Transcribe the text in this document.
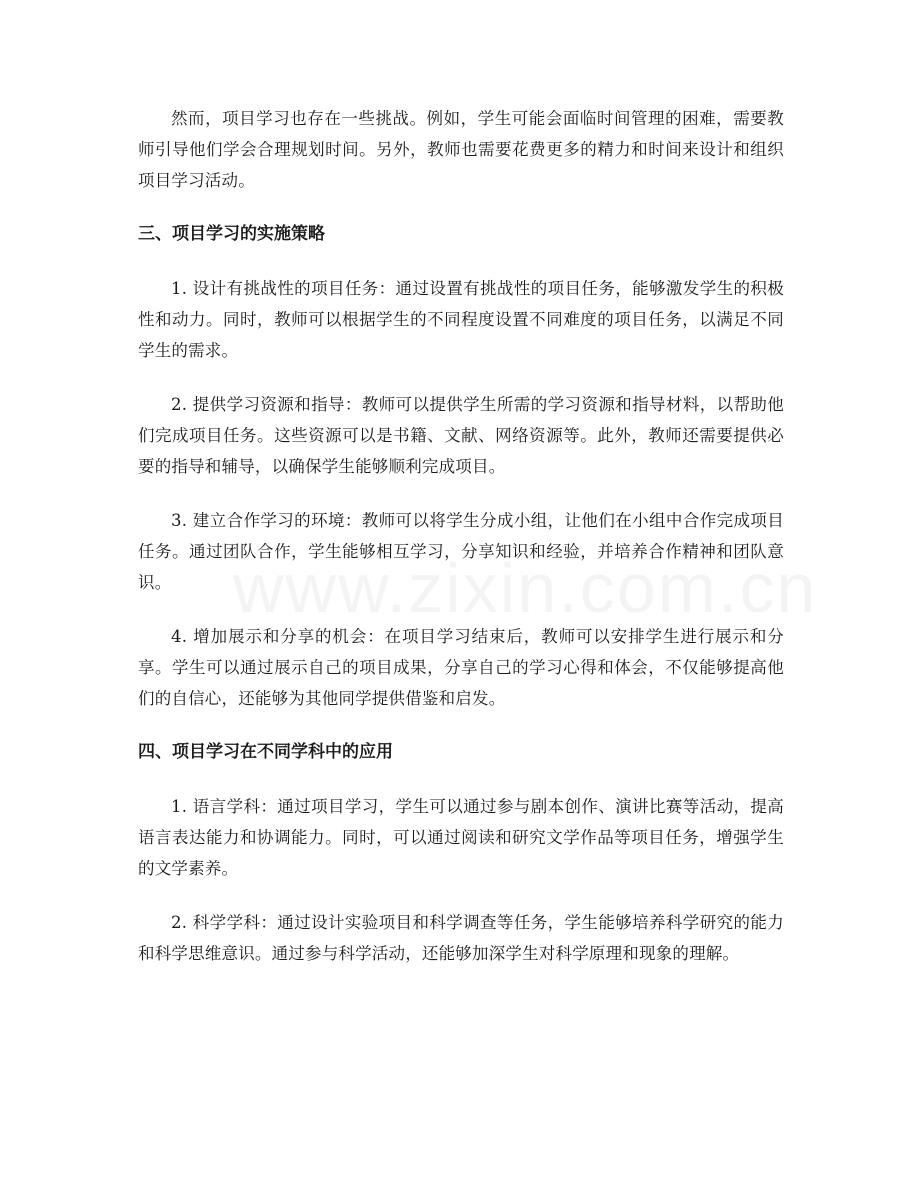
然而，项目学习也存在一些挑战。例如，学生可能会面临时间管理的困难，需要教师引导他们学会合理规划时间。另外，教师也需要花费更多的精力和时间来设计和组织项目学习活动。

三、项目学习的实施策略

1. 设计有挑战性的项目任务：通过设置有挑战性的项目任务，能够激发学生的积极性和动力。同时，教师可以根据学生的不同程度设置不同难度的项目任务，以满足不同学生的需求。

2. 提供学习资源和指导：教师可以提供学生所需的学习资源和指导材料，以帮助他们完成项目任务。这些资源可以是书籍、文献、网络资源等。此外，教师还需要提供必要的指导和辅导，以确保学生能够顺利完成项目。

3. 建立合作学习的环境：教师可以将学生分成小组，让他们在小组中合作完成项目任务。通过团队合作，学生能够相互学习，分享知识和经验，并培养合作精神和团队意识。

4. 增加展示和分享的机会：在项目学习结束后，教师可以安排学生进行展示和分享。学生可以通过展示自己的项目成果，分享自己的学习心得和体会，不仅能够提高他们的自信心，还能够为其他同学提供借鉴和启发。

四、项目学习在不同学科中的应用

1. 语言学科：通过项目学习，学生可以通过参与剧本创作、演讲比赛等活动，提高语言表达能力和协调能力。同时，可以通过阅读和研究文学作品等项目任务，增强学生的文学素养。

2. 科学学科：通过设计实验项目和科学调查等任务，学生能够培养科学研究的能力和科学思维意识。通过参与科学活动，还能够加深学生对科学原理和现象的理解。
